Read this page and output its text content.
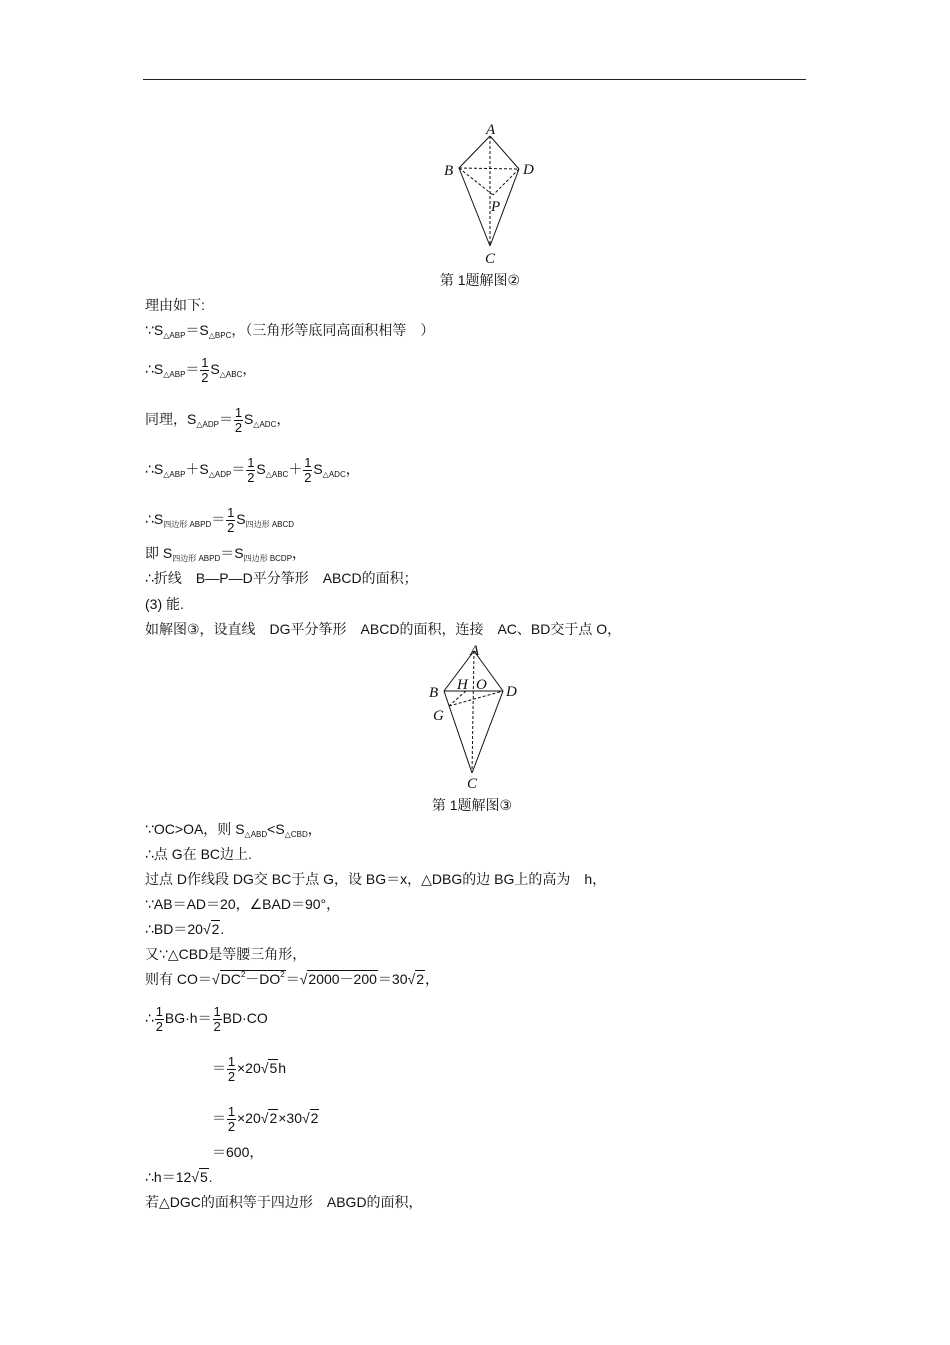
A
B	D
P
C
第 1题解图②
理由如下:
$\because S_{\triangle ABP}=S_{\triangle BPC}$，（三角形等底同高面积相等　）
$\therefore S_{\triangle ABP}= \frac{1}{2} S_{\triangle ABC}$，
同理，$S_{\triangle ADP}= \frac{1}{2} S_{\triangle ADC}$，
$\therefore S_{\triangle ABP}+S_{\triangle ADP}= \frac{1}{2} S_{\triangle ABC}+ \frac{1}{2} S_{\triangle ADC}$，
$\therefore S_{四边形 ABPD}= \frac{1}{2} S_{四边形 ABCD}$
即 $S_{四边形 ABPD}=S_{四边形 BCDP}$，
∴折线　B—P—D平分筝形　ABCD的面积；
(3) 能.
如解图③，设直线　DG平分筝形　ABCD的面积，连接　AC、BD交于点 O，
A
B H O D
G
C
第 1题解图③
∵OC>OA，则 $S_{\triangle ABD}<S_{\triangle CBD}$，
∴点 G在 BC边上.
过点 D作线段 DG交 BC于点 G，设 BG＝x，△DBG的边 BG上的高为　h，
∵AB＝AD＝20，∠BAD＝90°，
∴BD＝20√2.
又∵△CBD是等腰三角形，
则有 $CO=√DC^2-DO^2=√2000-200=30√2$，
∴ $\frac{1}{2} BG\cdot h= \frac{1}{2} BD\cdot CO$
＝ $\frac{1}{2} \times 20√5h$
＝ $\frac{1}{2} \times 20√2\times 30√2$
＝600，
∴h＝12√5.
若△DGC的面积等于四边形　ABGD的面积，
